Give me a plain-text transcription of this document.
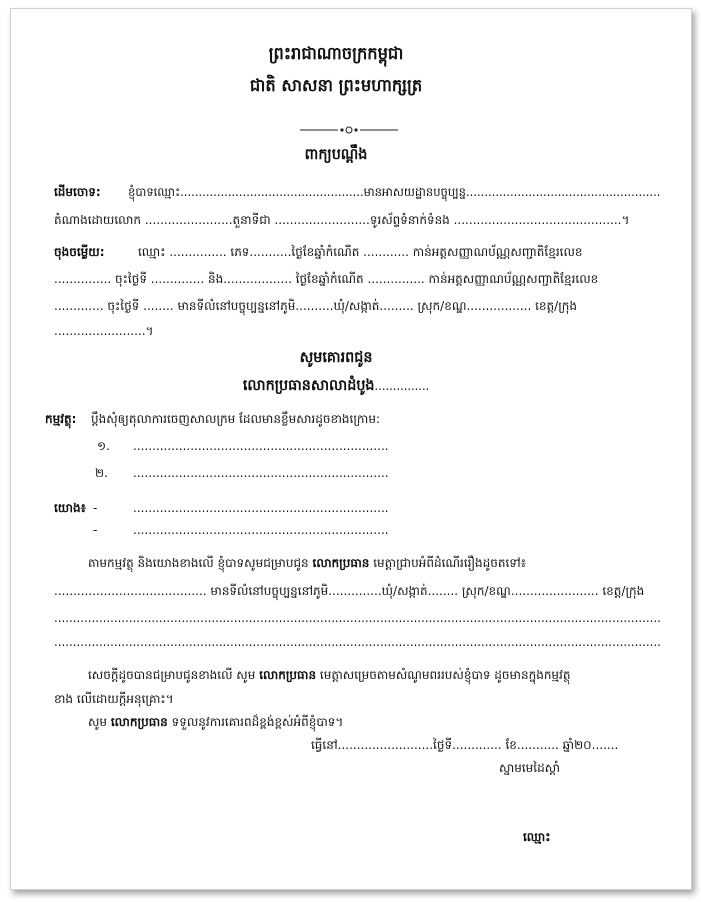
ព្រះរាជាណាចក្រកម្ពុជា
ជាតិ សាសនា ព្រះមហាក្សត្រ
ពាក្យបណ្ដឹង
ដើមចោទ: ខ្ញុំបាទឈ្មោះ..................................................មានអាសយដ្ឋានបច្ចុប្បន្ន.....................................................
តំណាងដោយលោក .......................តួនាទីជា .........................ទូរស័ព្ទទំនាក់ទំនង ............................................។
ចុងចម្លើយ:	ឈ្មោះ ............... ភេទ...........ថ្ងៃខែឆ្នាំកំណើត ............ កាន់អត្តសញ្ញាណប័ណ្ណសញ្ជាតិខ្មែរលេខ
............... ចុះថ្ងៃទី .............. និង.................. ថ្ងៃខែឆ្នាំកំណើត ............... កាន់អត្តសញ្ញាណប័ណ្ណសញ្ជាតិខ្មែរលេខ
............. ចុះថ្ងៃទី ........ មានទីលំនៅបច្ចុប្បន្ននៅភូមិ..........ឃុំ/សង្កាត់......... ស្រុក/ខណ្ឌ................. ខេត្ត/ក្រុង
........................។
សូមគោរពជូន
លោកប្រធានសាលាដំបូង...............
កម្មវត្ថុ: ប្ដឹងសុំឲ្យតុលាការចេញសាលក្រម ដែលមានខ្លឹមសារដូចខាងក្រោម:
១. ...................................................................
២. ...................................................................
យោង៖ -	...................................................................
-	...................................................................
តាមកម្មវត្ថុ និងយោងខាងលើ ខ្ញុំបាទសូមជម្រាបជូន លោកប្រធាន មេត្តាជ្រាបអំពីដំណើររឿងដូចតទៅ៖
........................................ មានទីលំនៅបច្ចុប្បន្ននៅភូមិ..............ឃុំ/សង្កាត់........ ស្រុក/ខណ្ឌ....................... ខេត្ត/ក្រុង
..................................................................................................................................................................
..................................................................................................................................................................
សេចក្ដីដូចបានជម្រាបជូនខាងលើ សូម លោកប្រធាន មេត្តាសម្រេចតាមសំណូមពររបស់ខ្ញុំបាទ ដូចមានក្នុងកម្មវត្ថុ
ខាង លើដោយក្ដីអនុគ្រោះ។
សូម លោកប្រធាន ទទួលនូវការគោរពដ៏ខ្ពង់ខ្ពស់អំពីខ្ញុំបាទ។
ធ្វើនៅ.........................ថ្ងៃទី............. ខែ........... ឆ្នាំ២០.......
ស្នាមមេដៃស្ដាំ
ឈ្មោះ
